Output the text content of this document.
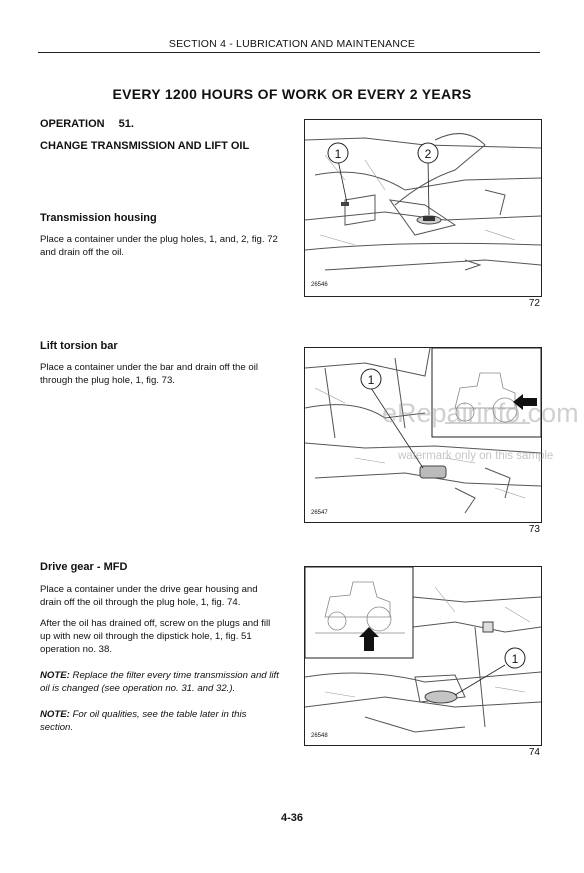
SECTION 4 - LUBRICATION AND MAINTENANCE
EVERY 1200 HOURS OF WORK OR EVERY 2 YEARS
OPERATION 51.
CHANGE TRANSMISSION AND LIFT OIL
Transmission housing
Place a container under the plug holes, 1, and, 2, fig. 72 and drain off the oil.
Lift torsion bar
Place a container under the bar and drain off the oil through the plug hole, 1, fig. 73.
Drive gear - MFD
Place a container under the drive gear housing and drain off the oil through the plug hole, 1, fig. 74.
After the oil has drained off, screw on the plugs and fill up with new oil through the dipstick hole, 1, fig. 51 operation no. 38.
NOTE: Replace the filter every time transmission and lift oil is changed (see operation no. 31. and 32.).
NOTE: For oil qualities, see the table later in this section.
1	2
26546
72
1
26547
73
1
26548
74
4-36
eRepairinfo.com
watermark only on this sample
